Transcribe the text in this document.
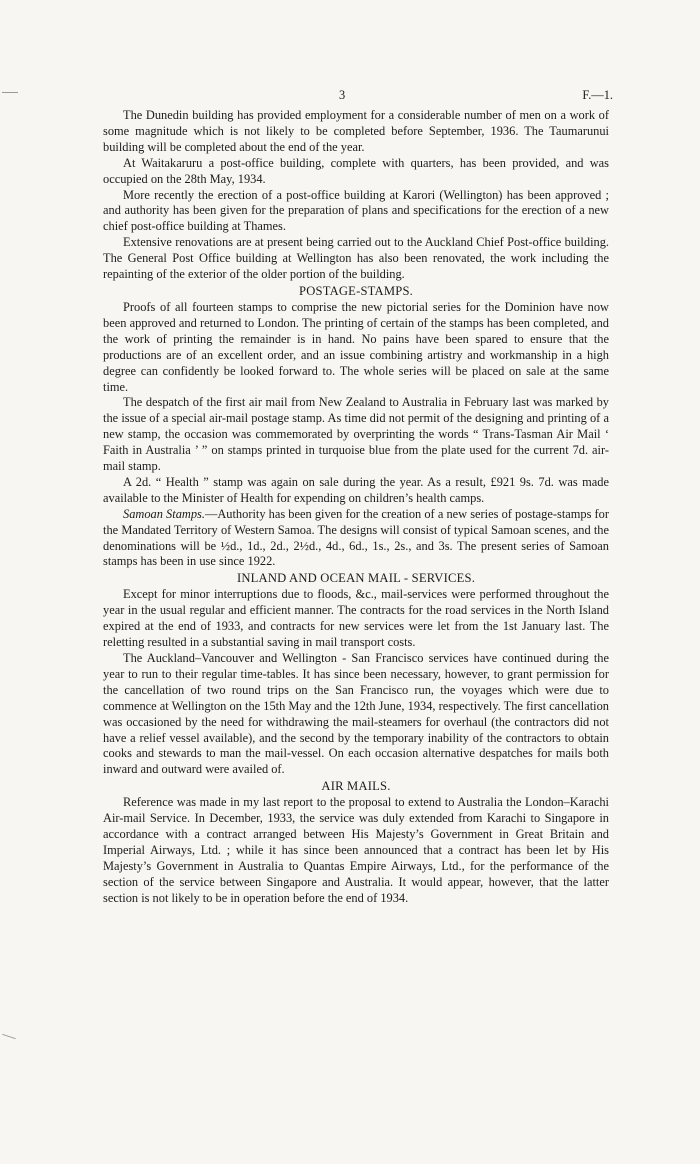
3	F.—1.

The Dunedin building has provided employment for a considerable number of men on a work of some magnitude which is not likely to be completed before September, 1936. The Taumarunui building will be completed about the end of the year.

At Waitakaruru a post-office building, complete with quarters, has been provided, and was occupied on the 28th May, 1934.

More recently the erection of a post-office building at Karori (Wellington) has been approved ; and authority has been given for the preparation of plans and specifications for the erection of a new chief post-office building at Thames.

Extensive renovations are at present being carried out to the Auckland Chief Post-office building. The General Post Office building at Wellington has also been renovated, the work including the repainting of the exterior of the older portion of the building.

POSTAGE-STAMPS.

Proofs of all fourteen stamps to comprise the new pictorial series for the Dominion have now been approved and returned to London. The printing of certain of the stamps has been completed, and the work of printing the remainder is in hand. No pains have been spared to ensure that the productions are of an excellent order, and an issue combining artistry and workmanship in a high degree can confidently be looked forward to. The whole series will be placed on sale at the same time.

The despatch of the first air mail from New Zealand to Australia in February last was marked by the issue of a special air-mail postage stamp. As time did not permit of the designing and printing of a new stamp, the occasion was commemorated by overprinting the words “ Trans-Tasman Air Mail ‘ Faith in Australia ’ ” on stamps printed in turquoise blue from the plate used for the current 7d. air-mail stamp.

A 2d. “ Health ” stamp was again on sale during the year. As a result, £921 9s. 7d. was made available to the Minister of Health for expending on children’s health camps.

Samoan Stamps.—Authority has been given for the creation of a new series of postage-stamps for the Mandated Territory of Western Samoa. The designs will consist of typical Samoan scenes, and the denominations will be ½d., 1d., 2d., 2½d., 4d., 6d., 1s., 2s., and 3s. The present series of Samoan stamps has been in use since 1922.

INLAND AND OCEAN MAIL - SERVICES.

Except for minor interruptions due to floods, &c., mail-services were performed throughout the year in the usual regular and efficient manner. The contracts for the road services in the North Island expired at the end of 1933, and contracts for new services were let from the 1st January last. The reletting resulted in a substantial saving in mail transport costs.

The Auckland–Vancouver and Wellington - San Francisco services have continued during the year to run to their regular time-tables. It has since been necessary, however, to grant permission for the cancellation of two round trips on the San Francisco run, the voyages which were due to commence at Wellington on the 15th May and the 12th June, 1934, respectively. The first cancellation was occasioned by the need for withdrawing the mail-steamers for overhaul (the contractors did not have a relief vessel available), and the second by the temporary inability of the contractors to obtain cooks and stewards to man the mail-vessel. On each occasion alternative despatches for mails both inward and outward were availed of.

AIR MAILS.

Reference was made in my last report to the proposal to extend to Australia the London–Karachi Air-mail Service. In December, 1933, the service was duly extended from Karachi to Singapore in accordance with a contract arranged between His Majesty’s Government in Great Britain and Imperial Airways, Ltd. ; while it has since been announced that a contract has been let by His Majesty’s Government in Australia to Quantas Empire Airways, Ltd., for the performance of the section of the service between Singapore and Australia. It would appear, however, that the latter section is not likely to be in operation before the end of 1934.
